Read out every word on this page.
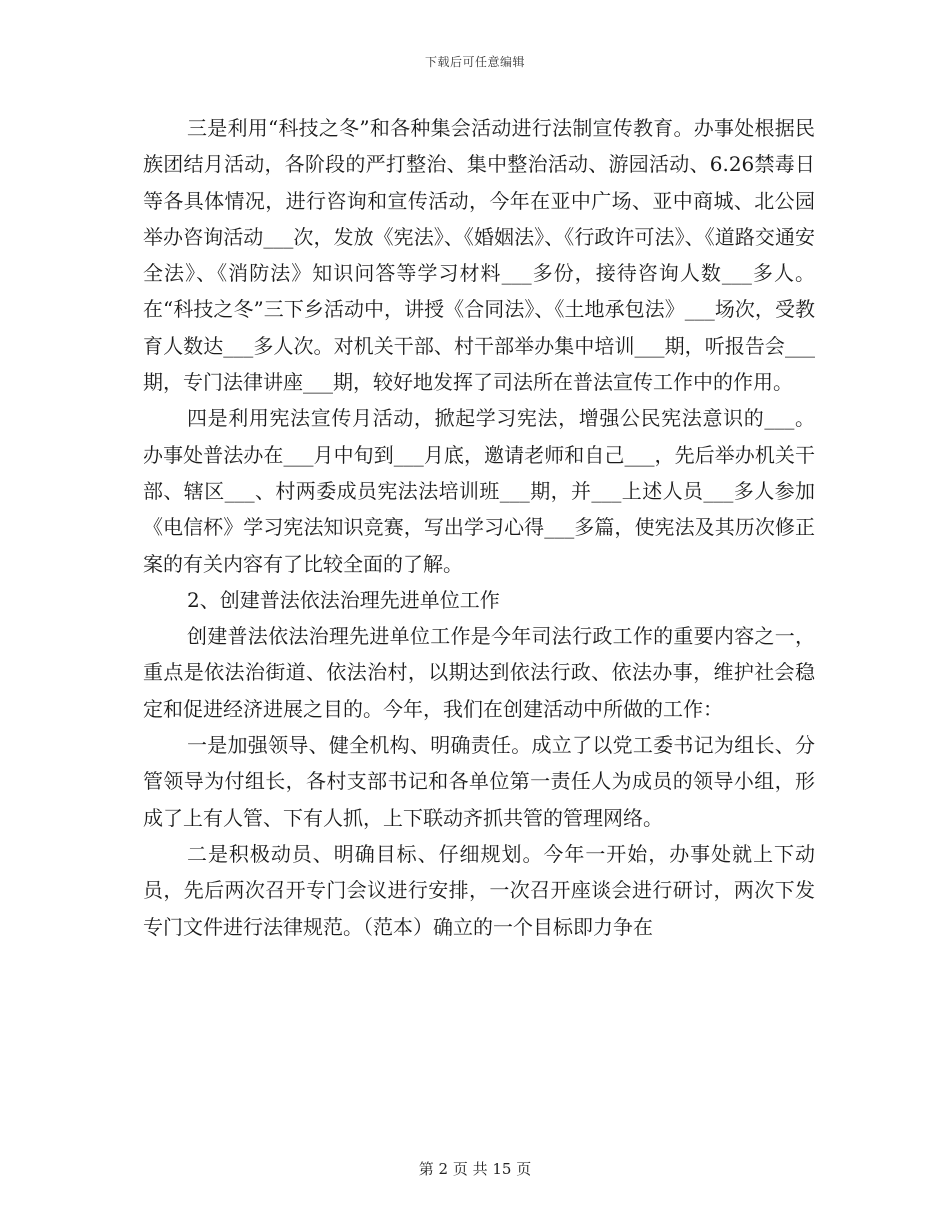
下载后可任意编辑

三是利用“科技之冬”和各种集会活动进行法制宣传教育。办事处根据民族团结月活动，各阶段的严打整治、集中整治活动、游园活动、6.26禁毒日等各具体情况，进行咨询和宣传活动，今年在亚中广场、亚中商城、北公园举办咨询活动___次，发放《宪法》、《婚姻法》、《行政许可法》、《道路交通安全法》、《消防法》知识问答等学习材料___多份，接待咨询人数___多人。在“科技之冬”三下乡活动中，讲授《合同法》、《土地承包法》___场次，受教育人数达___多人次。对机关干部、村干部举办集中培训___期，听报告会___期，专门法律讲座___期，较好地发挥了司法所在普法宣传工作中的作用。

四是利用宪法宣传月活动，掀起学习宪法，增强公民宪法意识的___。办事处普法办在___月中旬到___月底，邀请老师和自己___，先后举办机关干部、辖区___、村两委成员宪法法培训班___期，并___上述人员___多人参加《电信杯》学习宪法知识竞赛，写出学习心得___多篇，使宪法及其历次修正案的有关内容有了比较全面的了解。

2、创建普法依法治理先进单位工作

创建普法依法治理先进单位工作是今年司法行政工作的重要内容之一，重点是依法治街道、依法治村，以期达到依法行政、依法办事，维护社会稳定和促进经济进展之目的。今年，我们在创建活动中所做的工作：

一是加强领导、健全机构、明确责任。成立了以党工委书记为组长、分管领导为付组长，各村支部书记和各单位第一责任人为成员的领导小组，形成了上有人管、下有人抓，上下联动齐抓共管的管理网络。

二是积极动员、明确目标、仔细规划。今年一开始，办事处就上下动员，先后两次召开专门会议进行安排，一次召开座谈会进行研讨，两次下发专门文件进行法律规范。（范本）确立的一个目标即力争在

第 2 页 共 15 页
